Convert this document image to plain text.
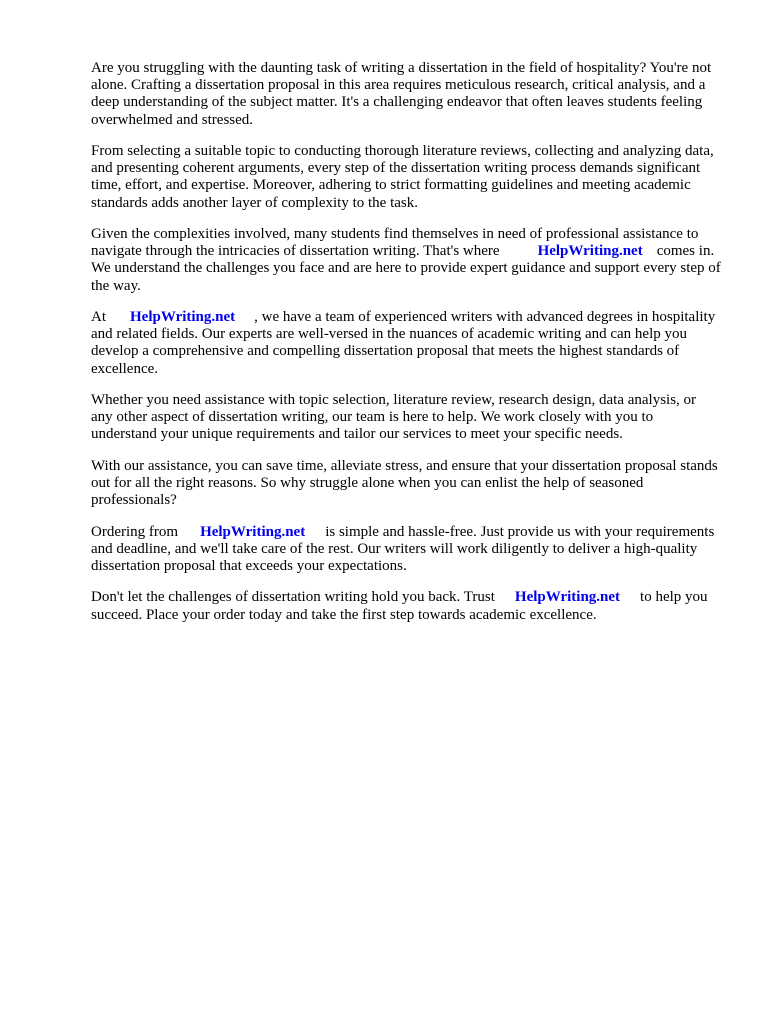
Are you struggling with the daunting task of writing a dissertation in the field of hospitality? You're not alone. Crafting a dissertation proposal in this area requires meticulous research, critical analysis, and a deep understanding of the subject matter. It's a challenging endeavor that often leaves students feeling overwhelmed and stressed.

From selecting a suitable topic to conducting thorough literature reviews, collecting and analyzing data, and presenting coherent arguments, every step of the dissertation writing process demands significant time, effort, and expertise. Moreover, adhering to strict formatting guidelines and meeting academic standards adds another layer of complexity to the task.

Given the complexities involved, many students find themselves in need of professional assistance to navigate through the intricacies of dissertation writing. That's where	HelpWriting.net comes in. We understand the challenges you face and are here to provide expert guidance and support every step of the way.

At HelpWriting.net , we have a team of experienced writers with advanced degrees in hospitality and related fields. Our experts are well-versed in the nuances of academic writing and can help you develop a comprehensive and compelling dissertation proposal that meets the highest standards of excellence.

Whether you need assistance with topic selection, literature review, research design, data analysis, or any other aspect of dissertation writing, our team is here to help. We work closely with you to understand your unique requirements and tailor our services to meet your specific needs.

With our assistance, you can save time, alleviate stress, and ensure that your dissertation proposal stands out for all the right reasons. So why struggle alone when you can enlist the help of seasoned professionals?

Ordering from HelpWriting.net is simple and hassle-free. Just provide us with your requirements and deadline, and we'll take care of the rest. Our writers will work diligently to deliver a high-quality dissertation proposal that exceeds your expectations.

Don't let the challenges of dissertation writing hold you back. Trust HelpWriting.net to help you succeed. Place your order today and take the first step towards academic excellence.
